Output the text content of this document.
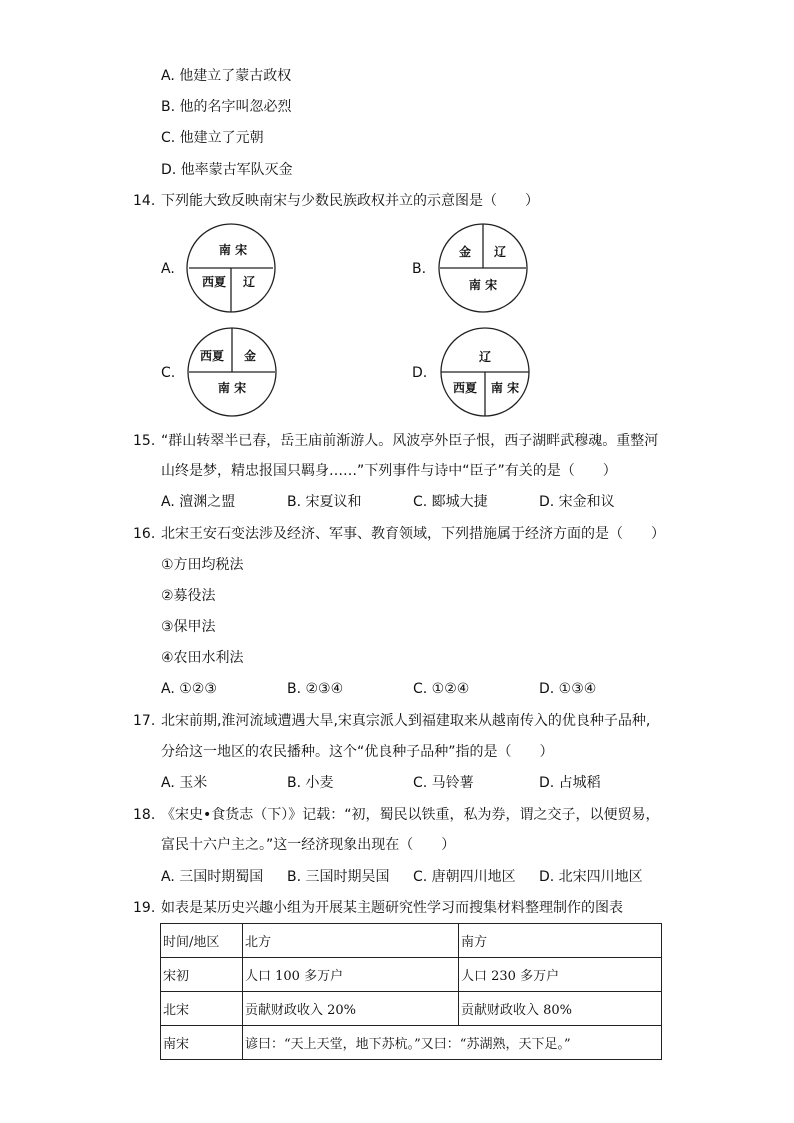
A. 他建立了蒙古政权
B. 他的名字叫忽必烈
C. 他建立了元朝
D. 他率蒙古军队灭金
14. 下列能大致反映南宋与少数民族政权并立的示意图是（　　）
A.
南 宋
西夏 辽
B.
金 辽
南 宋
C.
西夏 金
南 宋
D.
辽
西夏 南 宋
15. “群山转翠半已春，岳王庙前渐游人。风波亭外臣子恨，西子湖畔武穆魂。重整河
山终是梦，精忠报国只羁身……”下列事件与诗中“臣子”有关的是（　　）
A. 澶渊之盟	B. 宋夏议和	C. 郾城大捷	D. 宋金和议
16. 北宋王安石变法涉及经济、军事、教育领域，下列措施属于经济方面的是（　　）
①方田均税法
②募役法
③保甲法
④农田水利法
A. ①②③	B. ②③④	C. ①②④	D. ①③④
17. 北宋前期,淮河流域遭遇大旱,宋真宗派人到福建取来从越南传入的优良种子品种,
分给这一地区的农民播种。这个“优良种子品种”指的是（　　）
A. 玉米	B. 小麦	C. 马铃薯	D. 占城稻
18. 《宋史•食货志（下）》记载：“初，蜀民以铁重，私为券，谓之交子，以便贸易，
富民十六户主之。”这一经济现象出现在（　　）
A. 三国时期蜀国 B. 三国时期吴国 C. 唐朝四川地区 D. 北宋四川地区
19. 如表是某历史兴趣小组为开展某主题研究性学习而搜集材料整理制作的图表
时间/地区	北方	南方
宋初	人口 100 多万户	人口 230 多万户
北宋	贡献财政收入 20%	贡献财政收入 80%
南宋	谚曰：“天上天堂，地下苏杭。”又曰：“苏湖熟，天下足。”	
